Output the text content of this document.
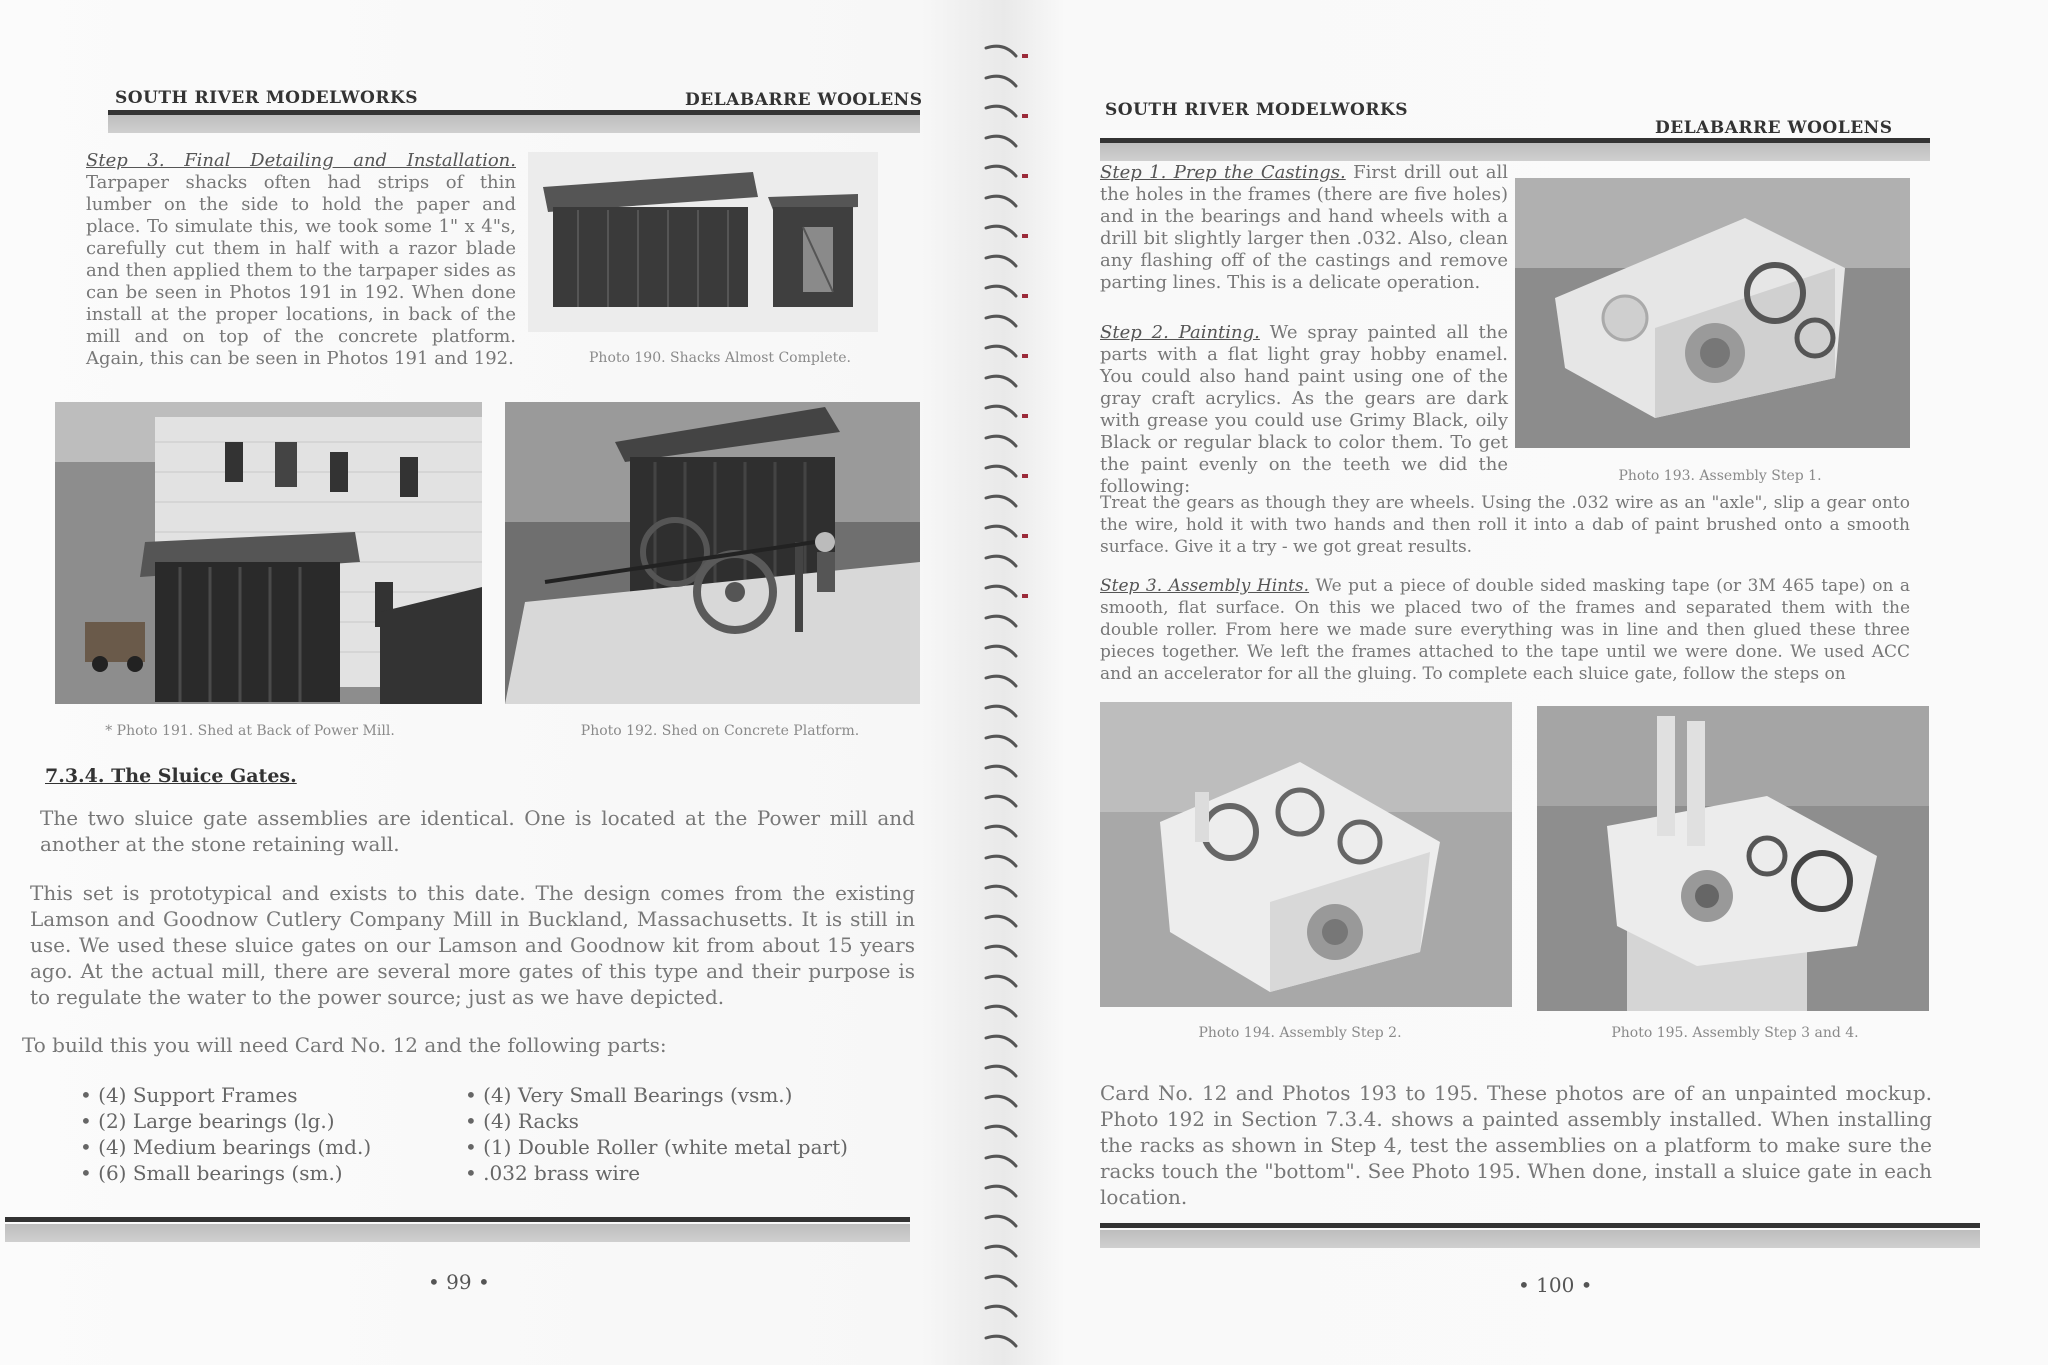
SOUTH RIVER MODELWORKS	DELABARRE WOOLENS
Step 3. Final Detailing and Installation. Tarpaper shacks often had strips of thin lumber on the side to hold the paper and place. To simulate this, we took some 1" x 4"s, carefully cut them in half with a razor blade and then applied them to the tarpaper sides as can be seen in Photos 191 in 192. When done install at the proper locations, in back of the mill and on top of the concrete platform. Again, this can be seen in Photos 191 and 192.	Photo 190. Shacks Almost Complete.
* Photo 191. Shed at Back of Power Mill.	Photo 192. Shed on Concrete Platform.
7.3.4. The Sluice Gates.
The two sluice gate assemblies are identical. One is located at the Power mill and another at the stone retaining wall.
This set is prototypical and exists to this date. The design comes from the existing Lamson and Goodnow Cutlery Company Mill in Buckland, Massachusetts. It is still in use. We used these sluice gates on our Lamson and Goodnow kit from about 15 years ago. At the actual mill, there are several more gates of this type and their purpose is to regulate the water to the power source; just as we have depicted.
To build this you will need Card No. 12 and the following parts:
• (4) Support Frames
• (2) Large bearings (lg.)
• (4) Medium bearings (md.)
• (6) Small bearings (sm.)
• (4) Very Small Bearings (vsm.)
• (4) Racks
• (1) Double Roller (white metal part)
• .032 brass wire
• 99 •
SOUTH RIVER MODELWORKS
DELABARRE WOOLENS
Step 1. Prep the Castings. First drill out all the holes in the frames (there are five holes) and in the bearings and hand wheels with a drill bit slightly larger then .032. Also, clean any flashing off of the castings and remove parting lines. This is a delicate operation.
Step 2. Painting. We spray painted all the parts with a flat light gray hobby enamel. You could also hand paint using one of the gray craft acrylics. As the gears are dark with grease you could use Grimy Black, oily Black or regular black to color them. To get the paint evenly on the teeth we did the following:	Photo 193. Assembly Step 1.
Treat the gears as though they are wheels. Using the .032 wire as an "axle", slip a gear onto the wire, hold it with two hands and then roll it into a dab of paint brushed onto a smooth surface. Give it a try - we got great results.
Step 3. Assembly Hints. We put a piece of double sided masking tape (or 3M 465 tape) on a smooth, flat surface. On this we placed two of the frames and separated them with the double roller. From here we made sure everything was in line and then glued these three pieces together. We left the frames attached to the tape until we were done. We used ACC and an accelerator for all the gluing. To complete each sluice gate, follow the steps on
Photo 194. Assembly Step 2.	Photo 195. Assembly Step 3 and 4.
Card No. 12 and Photos 193 to 195. These photos are of an unpainted mockup. Photo 192 in Section 7.3.4. shows a painted assembly installed. When installing the racks as shown in Step 4, test the assemblies on a platform to make sure the racks touch the "bottom". See Photo 195. When done, install a sluice gate in each location.
• 100 •
